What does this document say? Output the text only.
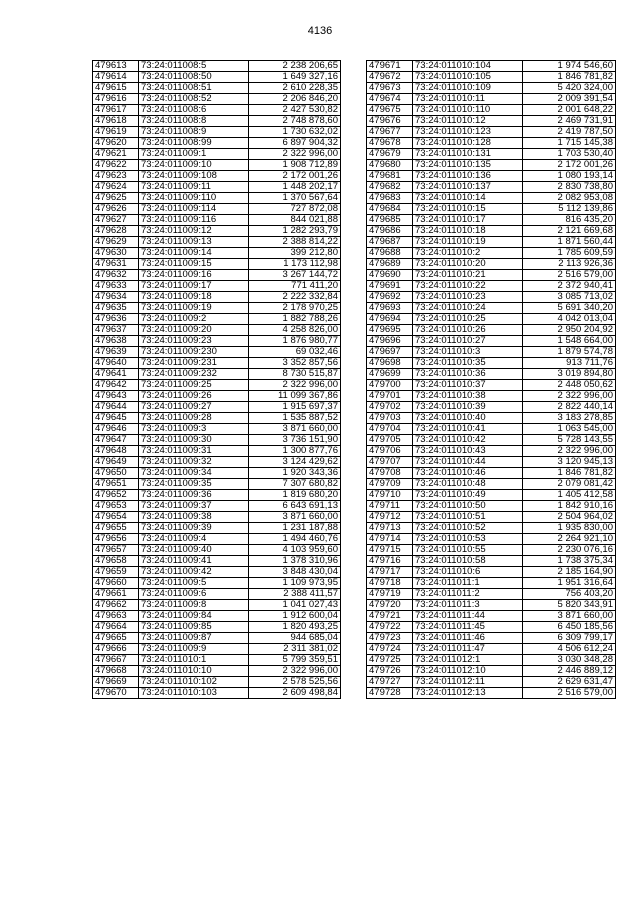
4136
479613	73:24:011008:5	2 238 206,65
479614	73:24:011008:50	1 649 327,16
479615	73:24:011008:51	2 610 228,35
479616	73:24:011008:52	2 206 846,20
479617	73:24:011008:6	2 427 530,82
479618	73:24:011008:8	2 748 878,60
479619	73:24:011008:9	1 730 632,02
479620	73:24:011008:99	6 897 904,32
479621	73:24:011009:1	2 322 996,00
479622	73:24:011009:10	1 908 712,89
479623	73:24:011009:108	2 172 001,26
479624	73:24:011009:11	1 448 202,17
479625	73:24:011009:110	1 370 567,64
479626	73:24:011009:114	727 872,08
479627	73:24:011009:116	844 021,88
479628	73:24:011009:12	1 282 293,79
479629	73:24:011009:13	2 388 814,22
479630	73:24:011009:14	399 212,80
479631	73:24:011009:15	1 173 112,98
479632	73:24:011009:16	3 267 144,72
479633	73:24:011009:17	771 411,20
479634	73:24:011009:18	2 222 332,84
479635	73:24:011009:19	2 178 970,25
479636	73:24:011009:2	1 882 788,26
479637	73:24:011009:20	4 258 826,00
479638	73:24:011009:23	1 876 980,77
479639	73:24:011009:230	69 032,46
479640	73:24:011009:231	3 352 857,56
479641	73:24:011009:232	8 730 515,87
479642	73:24:011009:25	2 322 996,00
479643	73:24:011009:26	11 099 367,86
479644	73:24:011009:27	1 915 697,37
479645	73:24:011009:28	1 535 887,52
479646	73:24:011009:3	3 871 660,00
479647	73:24:011009:30	3 736 151,90
479648	73:24:011009:31	1 300 877,76
479649	73:24:011009:32	3 124 429,62
479650	73:24:011009:34	1 920 343,36
479651	73:24:011009:35	7 307 680,82
479652	73:24:011009:36	1 819 680,20
479653	73:24:011009:37	6 643 691,13
479654	73:24:011009:38	3 871 660,00
479655	73:24:011009:39	1 231 187,88
479656	73:24:011009:4	1 494 460,76
479657	73:24:011009:40	4 103 959,60
479658	73:24:011009:41	1 378 310,96
479659	73:24:011009:42	3 848 430,04
479660	73:24:011009:5	1 109 973,95
479661	73:24:011009:6	2 388 411,57
479662	73:24:011009:8	1 041 027,43
479663	73:24:011009:84	1 912 600,04
479664	73:24:011009:85	1 820 493,25
479665	73:24:011009:87	944 685,04
479666	73:24:011009:9	2 311 381,02
479667	73:24:011010:1	5 799 359,51
479668	73:24:011010:10	2 322 996,00
479669	73:24:011010:102	2 578 525,56
479670	73:24:011010:103	2 609 498,84
479671	73:24:011010:104	1 974 546,60
479672	73:24:011010:105	1 846 781,82
479673	73:24:011010:109	5 420 324,00
479674	73:24:011010:11	2 009 391,54
479675	73:24:011010:110	2 001 648,22
479676	73:24:011010:12	2 469 731,91
479677	73:24:011010:123	2 419 787,50
479678	73:24:011010:128	1 715 145,38
479679	73:24:011010:131	1 703 530,40
479680	73:24:011010:135	2 172 001,26
479681	73:24:011010:136	1 080 193,14
479682	73:24:011010:137	2 830 738,80
479683	73:24:011010:14	2 082 953,08
479684	73:24:011010:15	5 112 139,86
479685	73:24:011010:17	816 435,20
479686	73:24:011010:18	2 121 669,68
479687	73:24:011010:19	1 871 560,44
479688	73:24:011010:2	1 785 609,59
479689	73:24:011010:20	2 113 926,36
479690	73:24:011010:21	2 516 579,00
479691	73:24:011010:22	2 372 940,41
479692	73:24:011010:23	3 085 713,02
479693	73:24:011010:24	5 691 340,20
479694	73:24:011010:25	4 042 013,04
479695	73:24:011010:26	2 950 204,92
479696	73:24:011010:27	1 548 664,00
479697	73:24:011010:3	1 879 574,78
479698	73:24:011010:35	913 711,76
479699	73:24:011010:36	3 019 894,80
479700	73:24:011010:37	2 448 050,62
479701	73:24:011010:38	2 322 996,00
479702	73:24:011010:39	2 822 440,14
479703	73:24:011010:40	3 183 278,85
479704	73:24:011010:41	1 063 545,00
479705	73:24:011010:42	5 728 143,55
479706	73:24:011010:43	2 322 996,00
479707	73:24:011010:44	3 120 945,13
479708	73:24:011010:46	1 846 781,82
479709	73:24:011010:48	2 079 081,42
479710	73:24:011010:49	1 405 412,58
479711	73:24:011010:50	1 842 910,16
479712	73:24:011010:51	2 504 964,02
479713	73:24:011010:52	1 935 830,00
479714	73:24:011010:53	2 264 921,10
479715	73:24:011010:55	2 230 076,16
479716	73:24:011010:58	1 738 375,34
479717	73:24:011010:6	2 185 164,90
479718	73:24:011011:1	1 951 316,64
479719	73:24:011011:2	756 403,20
479720	73:24:011011:3	5 820 343,91
479721	73:24:011011:44	3 871 660,00
479722	73:24:011011:45	6 450 185,56
479723	73:24:011011:46	6 309 799,17
479724	73:24:011011:47	4 506 612,24
479725	73:24:011012:1	3 030 348,28
479726	73:24:011012:10	2 446 889,12
479727	73:24:011012:11	2 629 631,47
479728	73:24:011012:13	2 516 579,00
